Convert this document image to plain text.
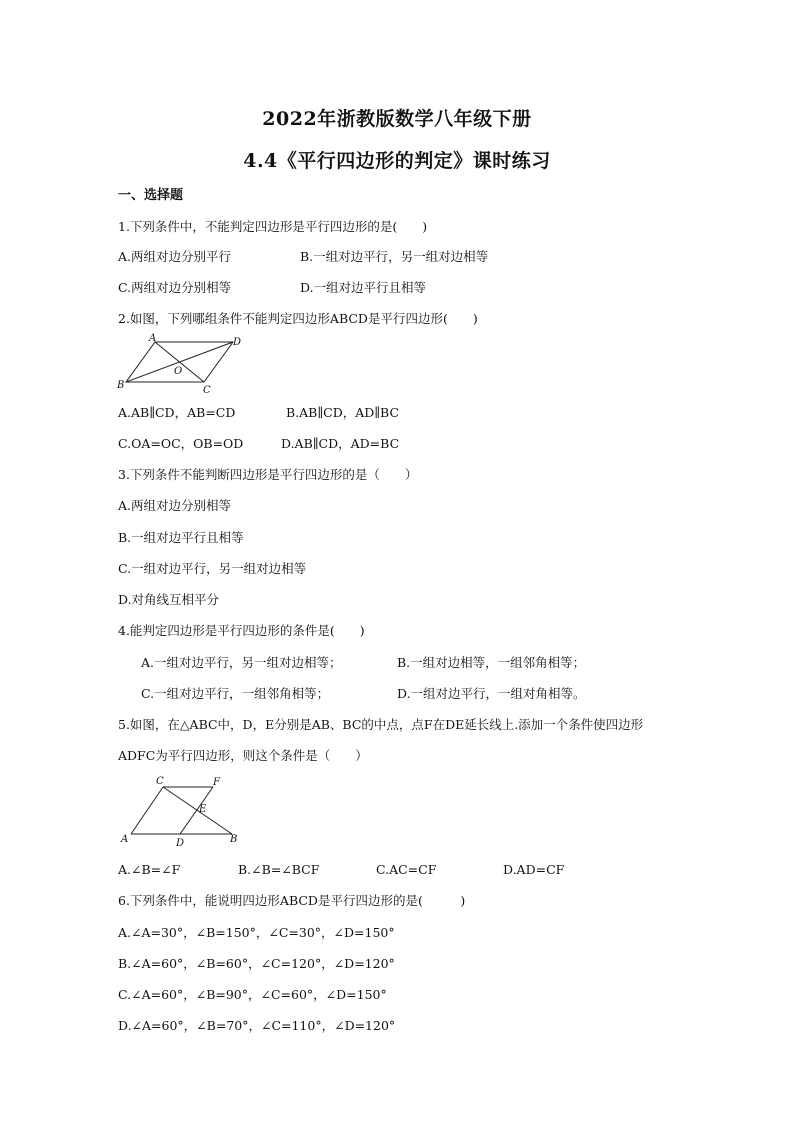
2022年浙教版数学八年级下册
4.4《平行四边形的判定》课时练习
一、选择题
1.下列条件中，不能判定四边形是平行四边形的是(　　)
A.两组对边分别平行	B.一组对边平行，另一组对边相等
C.两组对边分别相等	D.一组对边平行且相等
2.如图，下列哪组条件不能判定四边形ABCD是平行四边形(　　)
A	D
B	C
O
A.AB∥CD，AB=CD	B.AB∥CD，AD∥BC
C.OA=OC，OB=OD	D.AB∥CD，AD=BC
3.下列条件不能判断四边形是平行四边形的是（　　）
A.两组对边分别相等
B.一组对边平行且相等
C.一组对边平行，另一组对边相等
D.对角线互相平分
4.能判定四边形是平行四边形的条件是(　　)
A.一组对边平行，另一组对边相等；	B.一组对边相等，一组邻角相等；
C.一组对边平行，一组邻角相等；	D.一组对边平行，一组对角相等。
5.如图，在△ABC中，D，E分别是AB、BC的中点，点F在DE延长线上.添加一个条件使四边形
ADFC为平行四边形，则这个条件是（　　）
A	B
C
D
E
F
A.∠B=∠F	B.∠B=∠BCF	C.AC=CF	D.AD=CF
6.下列条件中，能说明四边形ABCD是平行四边形的是(　　　)
A.∠A=30°，∠B=150°，∠C=30°，∠D=150°
B.∠A=60°，∠B=60°，∠C=120°，∠D=120°
C.∠A=60°，∠B=90°，∠C=60°，∠D=150°
D.∠A=60°，∠B=70°，∠C=110°，∠D=120°
